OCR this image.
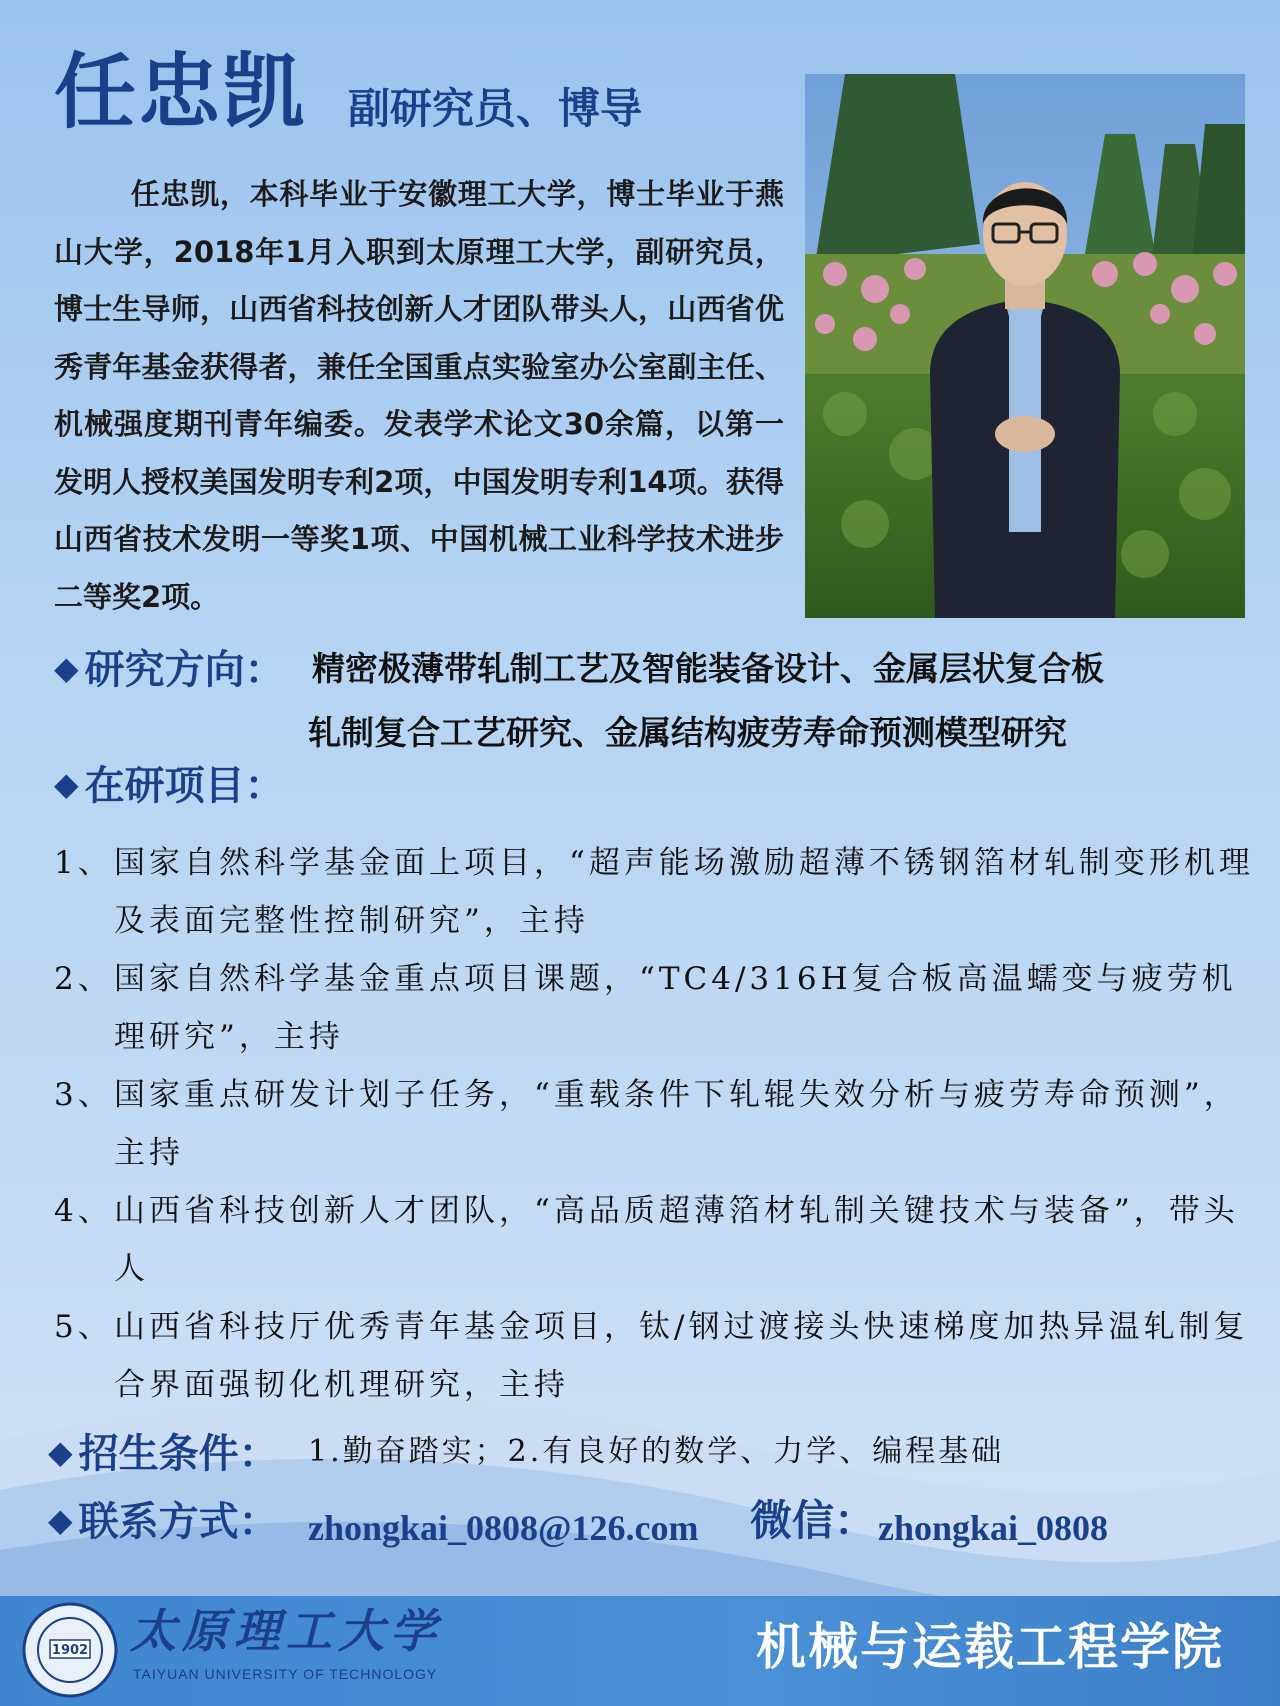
任忠凯 副研究员、博导
任忠凯，本科毕业于安徽理工大学，博士毕业于燕山大学，2018年1月入职到太原理工大学，副研究员，博士生导师，山西省科技创新人才团队带头人，山西省优秀青年基金获得者，兼任全国重点实验室办公室副主任、机械强度期刊青年编委。发表学术论文30余篇，以第一发明人授权美国发明专利2项，中国发明专利14项。获得山西省技术发明一等奖1项、中国机械工业科学技术进步二等奖2项。
◆ 研究方向： 精密极薄带轧制工艺及智能装备设计、金属层状复合板
轧制复合工艺研究、金属结构疲劳寿命预测模型研究
◆ 在研项目：
1、 国家自然科学基金面上项目，“超声能场激励超薄不锈钢箔材轧制变形机理及表面完整性控制研究”，主持
2、 国家自然科学基金重点项目课题，“TC4/316H复合板高温蠕变与疲劳机理研究”，主持
3、 国家重点研发计划子任务，“重载条件下轧辊失效分析与疲劳寿命预测”，主持
4、 山西省科技创新人才团队，“高品质超薄箔材轧制关键技术与装备”，带头人
5、 山西省科技厅优秀青年基金项目，钛/钢过渡接头快速梯度加热异温轧制复合界面强韧化机理研究，主持
◆ 招生条件： 1.勤奋踏实；2.有良好的数学、力学、编程基础
◆ 联系方式： zhongkai_0808@126.com 微信： zhongkai_0808
1902 太原理工大学
TAIYUAN UNIVERSITY OF TECHNOLOGY	机械与运载工程学院
